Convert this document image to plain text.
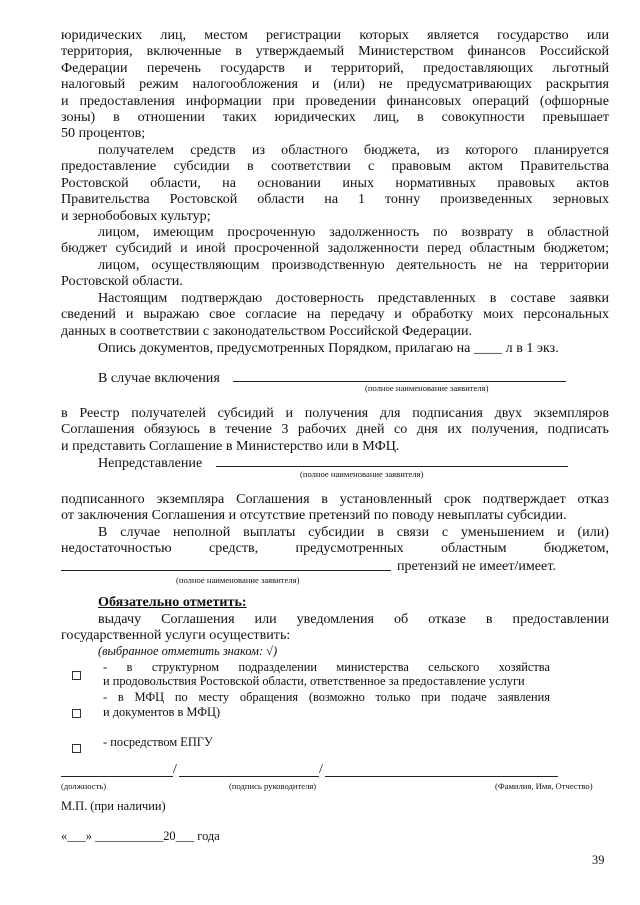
юридических лиц, местом регистрации которых является государство или
территория, включенные в утверждаемый Министерством финансов Российской
Федерации перечень государств и территорий, предоставляющих льготный
налоговый режим налогообложения и (или) не предусматривающих раскрытия
и предоставления информации при проведении финансовых операций (офшорные
зоны) в отношении таких юридических лиц, в совокупности превышает
50 процентов;
получателем средств из областного бюджета, из которого планируется
предоставление субсидии в соответствии с правовым актом Правительства
Ростовской области, на основании иных нормативных правовых актов
Правительства Ростовской области на 1 тонну произведенных зерновых
и зернобобовых культур;
лицом, имеющим просроченную задолженность по возврату в областной
бюджет субсидий и иной просроченной задолженности перед областным бюджетом;
лицом, осуществляющим производственную деятельность не на территории
Ростовской области.
Настоящим подтверждаю достоверность представленных в составе заявки
сведений и выражаю свое согласие на передачу и обработку моих персональных
данных в соответствии с законодательством Российской Федерации.
Опись документов, предусмотренных Порядком, прилагаю на ____ л в 1 экз.
В случае включения
(полное наименование заявителя)
в Реестр получателей субсидий и получения для подписания двух экземпляров
Соглашения обязуюсь в течение 3 рабочих дней со дня их получения, подписать
и представить Соглашение в Министерство или в МФЦ.
Непредставление
(полное наименование заявителя)
подписанного экземпляра Соглашения в установленный срок подтверждает отказ
от заключения Соглашения и отсутствие претензий по поводу невыплаты субсидии.
В случае неполной выплаты субсидии в связи с уменьшением и (или)
недостаточностью средств, предусмотренных областным бюджетом,
претензий не имеет/имеет.
(полное наименование заявителя)
Обязательно отметить:
выдачу Соглашения или уведомления об отказе в предоставлении
государственной услуги осуществить:
(выбранное отметить знаком: √)
- в структурном подразделении министерства сельского хозяйства
и продовольствия Ростовской области, ответственное за предоставление услуги
- в МФЦ по месту обращения (возможно только при подаче заявления
и документов в МФЦ)
- посредством ЕПГУ
/	/
(должность)	(подпись руководителя)	(Фамилия, Имя, Отчество)
М.П. (при наличии)
«___» ___________20___ года
39
